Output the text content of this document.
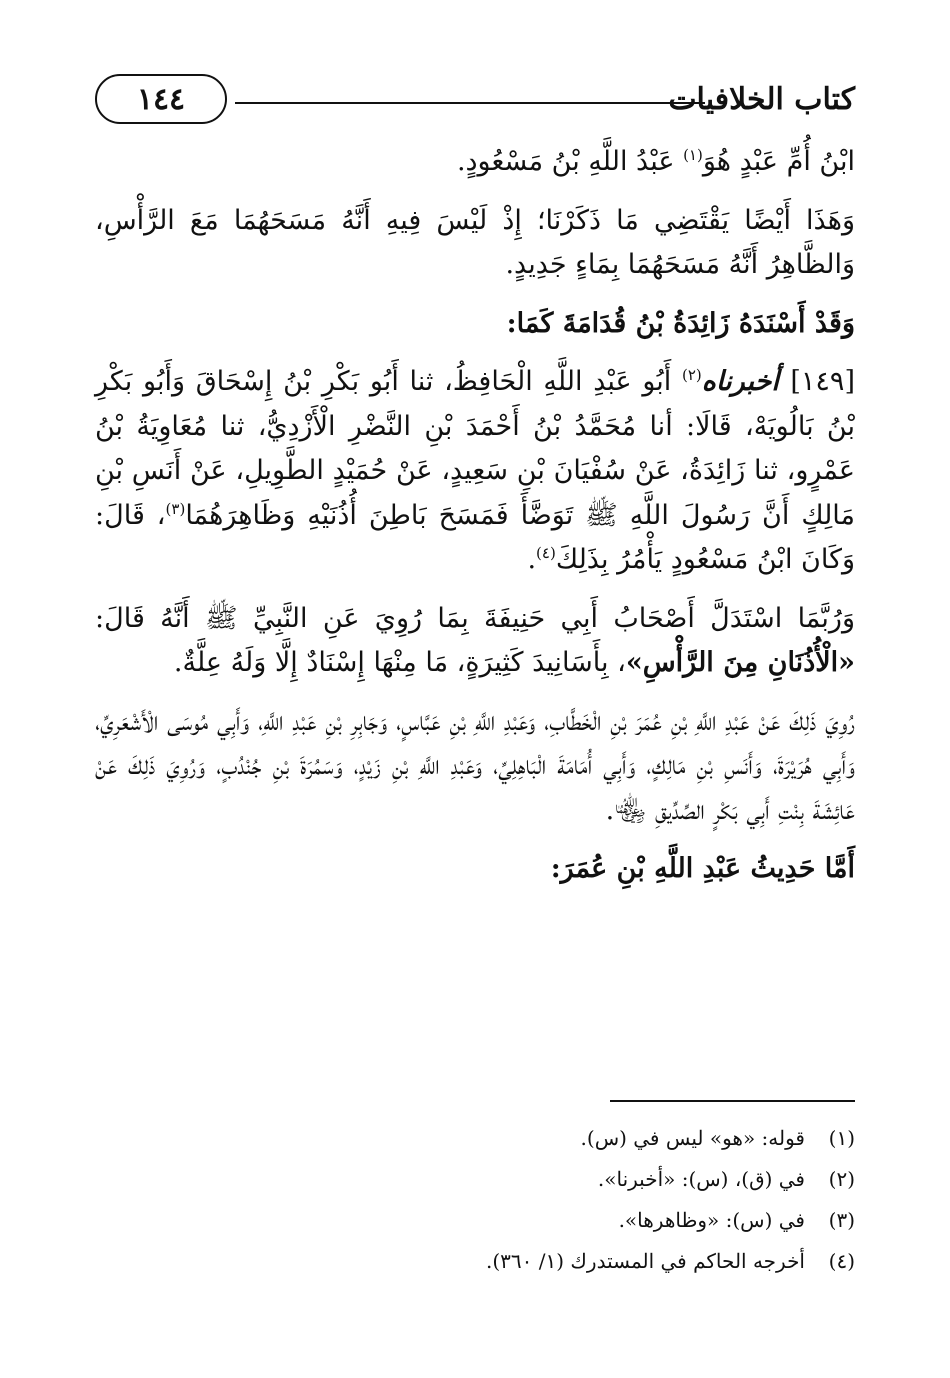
كتاب الخلافيات
١٤٤

ابْنُ أُمِّ عَبْدٍ هُوَ$^{(١)}$ عَبْدُ اللَّهِ بْنُ مَسْعُودٍ.

وَهَذَا أَيْضًا يَقْتَضِي مَا ذَكَرْنَا؛ إِذْ لَيْسَ فِيهِ أَنَّهُ مَسَحَهُمَا مَعَ الرَّأْسِ، وَالظَّاهِرُ أَنَّهُ مَسَحَهُمَا بِمَاءٍ جَدِيدٍ.

وَقَدْ أَسْنَدَهُ زَائِدَةُ بْنُ قُدَامَةَ كَمَا:

[١٤٩] أخبرناه$^{(٢)}$ أَبُو عَبْدِ اللَّهِ الْحَافِظُ، ثنا أَبُو بَكْرِ بْنُ إِسْحَاقَ وَأَبُو بَكْرِ بْنُ بَالُويَهْ، قَالَا: أنا مُحَمَّدُ بْنُ أَحْمَدَ بْنِ النَّضْرِ الْأَزْدِيُّ، ثنا مُعَاوِيَةُ بْنُ عَمْرٍو، ثنا زَائِدَةُ، عَنْ سُفْيَانَ بْنِ سَعِيدٍ، عَنْ حُمَيْدٍ الطَّوِيلِ، عَنْ أَنَسِ بْنِ مَالِكٍ أَنَّ رَسُولَ اللَّهِ ﷺ تَوَضَّأَ فَمَسَحَ بَاطِنَ أُذُنَيْهِ وَظَاهِرَهُمَا$^{(٣)}$، قَالَ: وَكَانَ ابْنُ مَسْعُودٍ يَأْمُرُ بِذَلِكَ$^{(٤)}$.

وَرُبَّمَا اسْتَدَلَّ أَصْحَابُ أَبِي حَنِيفَةَ بِمَا رُوِيَ عَنِ النَّبِيِّ ﷺ أَنَّهُ قَالَ: «الْأُذُنَانِ مِنَ الرَّأْسِ»، بِأَسَانِيدَ كَثِيرَةٍ، مَا مِنْهَا إِسْنَادٌ إِلَّا وَلَهُ عِلَّةٌ.

رُوِيَ ذَلِكَ عَنْ عَبْدِ اللَّهِ بْنِ عُمَرَ بْنِ الْخَطَّابِ، وَعَبْدِ اللَّهِ بْنِ عَبَّاسٍ، وَجَابِرِ بْنِ عَبْدِ اللَّهِ، وَأَبِي مُوسَى الْأَشْعَرِيِّ، وَأَبِي هُرَيْرَةَ، وَأَنَسِ بْنِ مَالِكٍ، وَأَبِي أُمَامَةَ الْبَاهِلِيِّ، وَعَبْدِ اللَّهِ بْنِ زَيْدٍ، وَسَمُرَةَ بْنِ جُنْدُبٍ، وَرُوِيَ ذَلِكَ عَنْ عَائِشَةَ بِنْتِ أَبِي بَكْرٍ الصِّدِّيقِ ﵄.

أَمَّا حَدِيثُ عَبْدِ اللَّهِ بْنِ عُمَرَ:

(١)
قوله: «هو» ليس في (س).
(٢)
في (ق)، (س): «أخبرنا».
(٣)
في (س): «وظاهرها».
(٤)
أخرجه الحاكم في المستدرك (١/ ٣٦٠).
